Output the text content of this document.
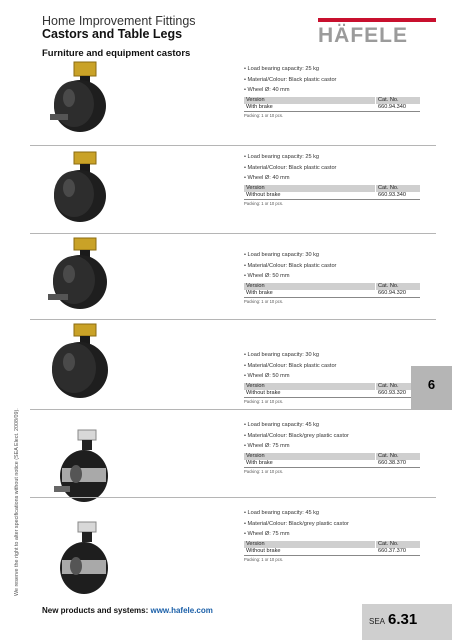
Home Improvement Fittings
Castors and Table Legs	HÄFELE
Furniture and equipment castors
• Load bearing capacity: 25 kg
• Material/Colour: Black plastic castor
• Wheel Ø: 40 mm
Version	Cat. No.
With brake	660.94.340
Packing: 1 or 10 pcs.
• Load bearing capacity: 25 kg
• Material/Colour: Black plastic castor
• Wheel Ø: 40 mm
Version	Cat. No.
Without brake	660.93.340
Packing: 1 or 10 pcs.
• Load bearing capacity: 30 kg
• Material/Colour: Black plastic castor
• Wheel Ø: 50 mm
Version	Cat. No.
With brake	660.94.320
Packing: 1 or 10 pcs.
• Load bearing capacity: 30 kg
• Material/Colour: Black plastic castor
• Wheel Ø: 50 mm
Version	Cat. No.
Without brake	660.93.320
Packing: 1 or 10 pcs.
• Load bearing capacity: 45 kg
• Material/Colour: Black/grey plastic castor
• Wheel Ø: 75 mm
Version	Cat. No.
With brake	660.38.370
Packing: 1 or 10 pcs.
• Load bearing capacity: 45 kg
• Material/Colour: Black/grey plastic castor
• Wheel Ø: 75 mm
Version	Cat. No.
Without brake	660.37.370
Packing: 1 or 10 pcs.
6
We reserve the right to alter specifications without notice (SEA Elect. 2008/09).
New products and systems: www.hafele.com
SEA 6.31
